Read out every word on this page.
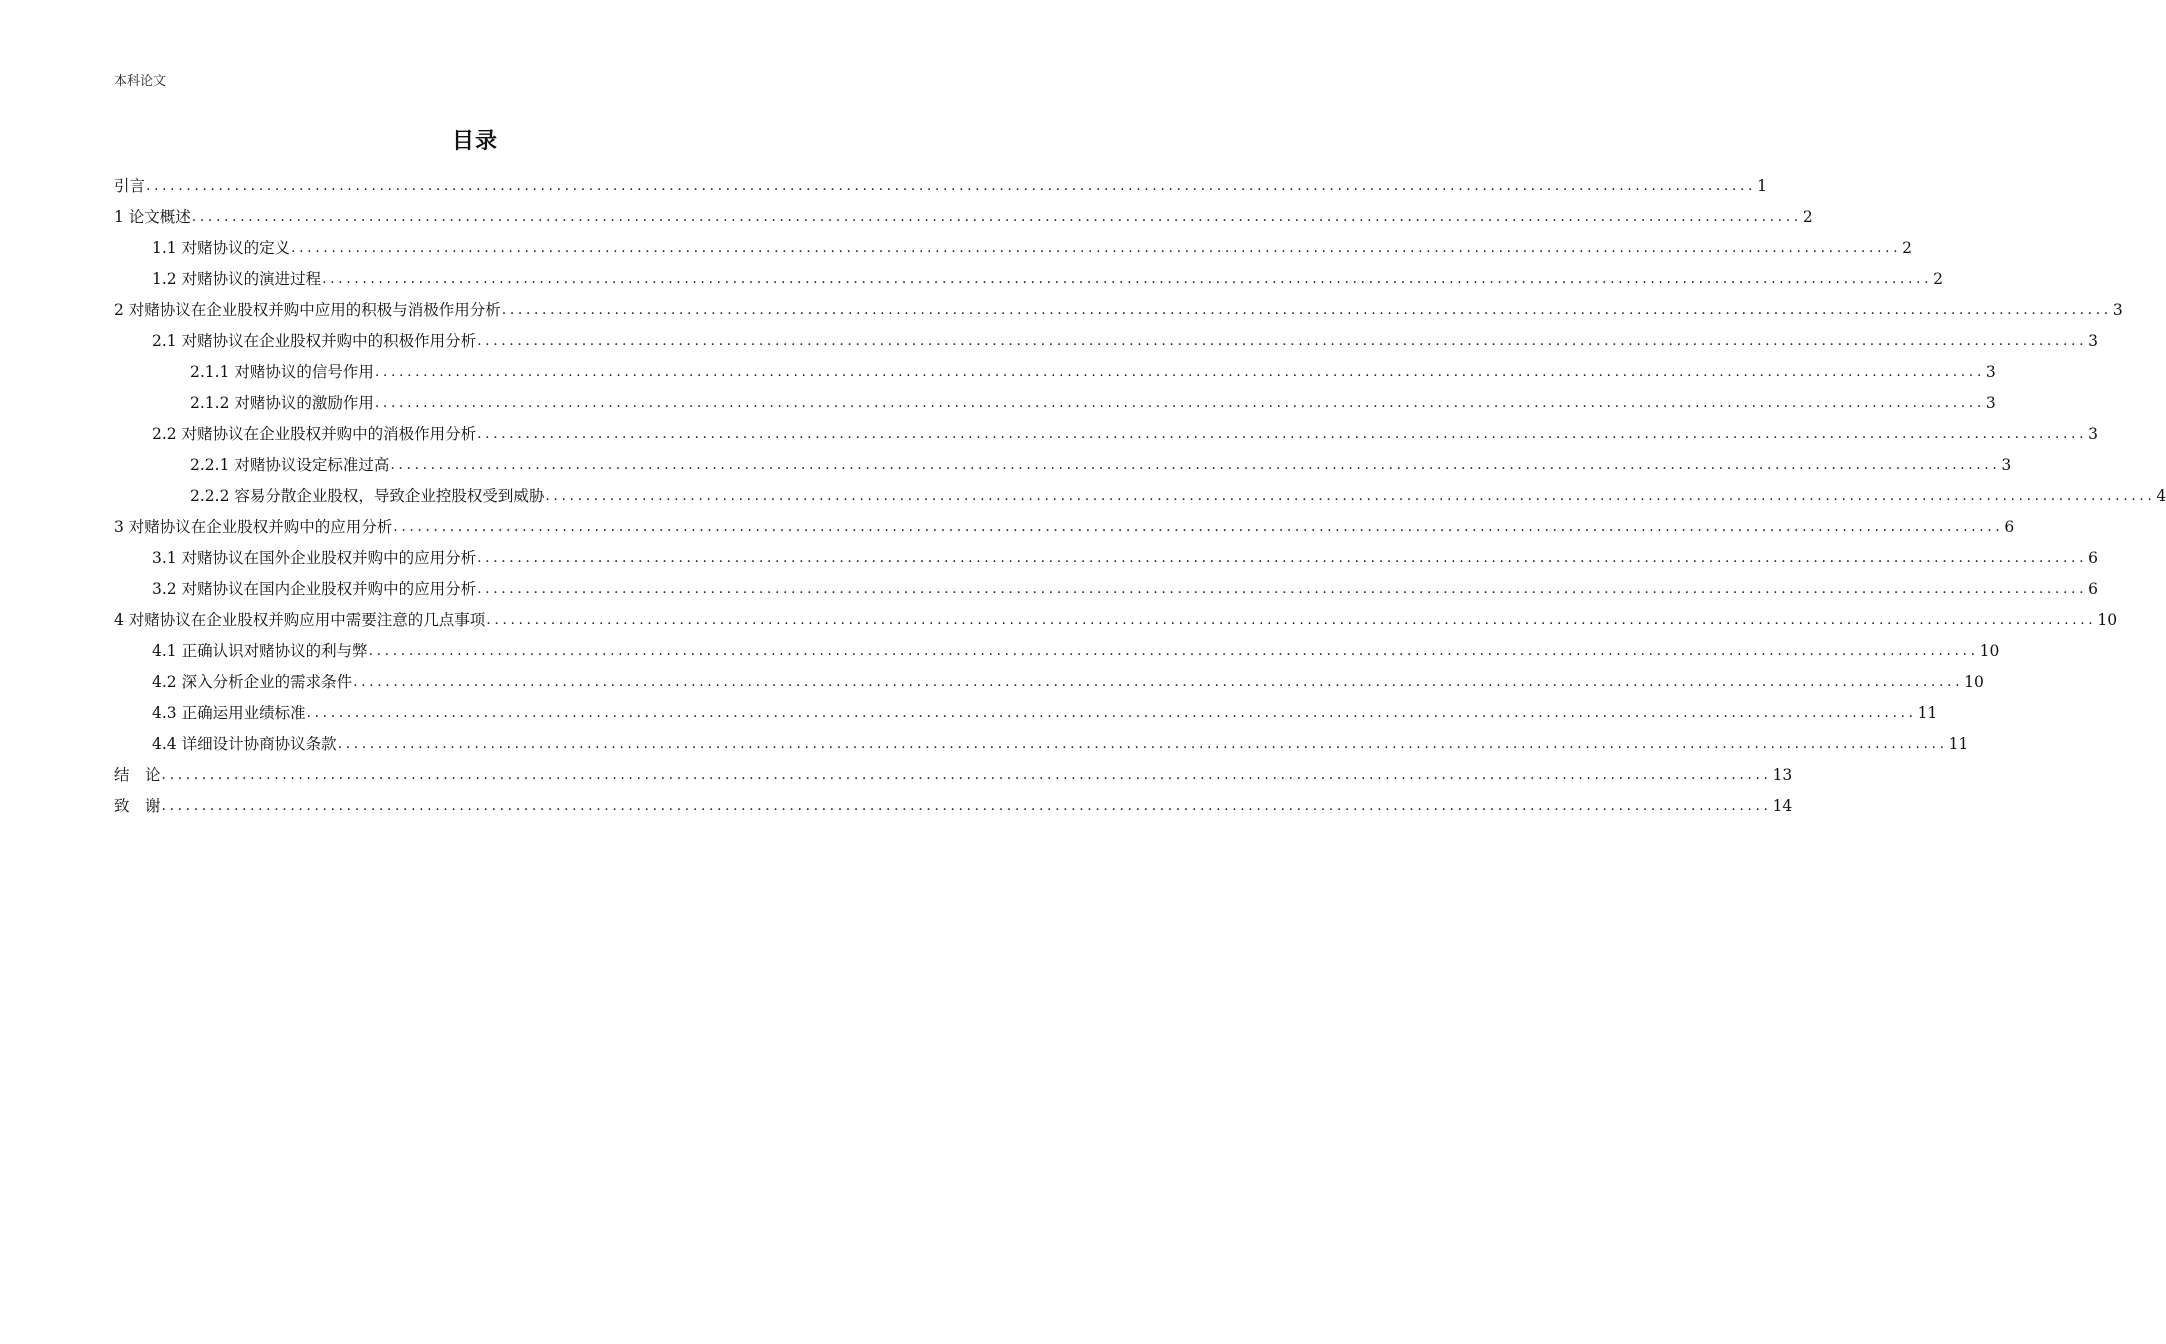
本科论文
目录
引言 ........................................................................................................................................................................................................ 1
1 论文概述 ........................................................................................................................................................................................................ 2
1.1 对赌协议的定义 ........................................................................................................................................................................................................ 2
1.2 对赌协议的演进过程 ........................................................................................................................................................................................................ 2
2 对赌协议在企业股权并购中应用的积极与消极作用分析 ........................................................................................................................................................................................................ 3
2.1 对赌协议在企业股权并购中的积极作用分析 ........................................................................................................................................................................................................ 3
2.1.1 对赌协议的信号作用 ........................................................................................................................................................................................................ 3
2.1.2 对赌协议的激励作用 ........................................................................................................................................................................................................ 3
2.2 对赌协议在企业股权并购中的消极作用分析 ........................................................................................................................................................................................................ 3
2.2.1 对赌协议设定标准过高 ........................................................................................................................................................................................................ 3
2.2.2 容易分散企业股权，导致企业控股权受到威胁 ........................................................................................................................................................................................................ 4
3 对赌协议在企业股权并购中的应用分析 ........................................................................................................................................................................................................ 6
3.1 对赌协议在国外企业股权并购中的应用分析 ........................................................................................................................................................................................................ 6
3.2 对赌协议在国内企业股权并购中的应用分析 ........................................................................................................................................................................................................ 6
4 对赌协议在企业股权并购应用中需要注意的几点事项 ........................................................................................................................................................................................................ 10
4.1 正确认识对赌协议的利与弊 ........................................................................................................................................................................................................ 10
4.2 深入分析企业的需求条件 ........................................................................................................................................................................................................ 10
4.3 正确运用业绩标准 ........................................................................................................................................................................................................ 11
4.4 详细设计协商协议条款 ........................................................................................................................................................................................................ 11
结　论 ........................................................................................................................................................................................................ 13
致　谢 ........................................................................................................................................................................................................ 14
